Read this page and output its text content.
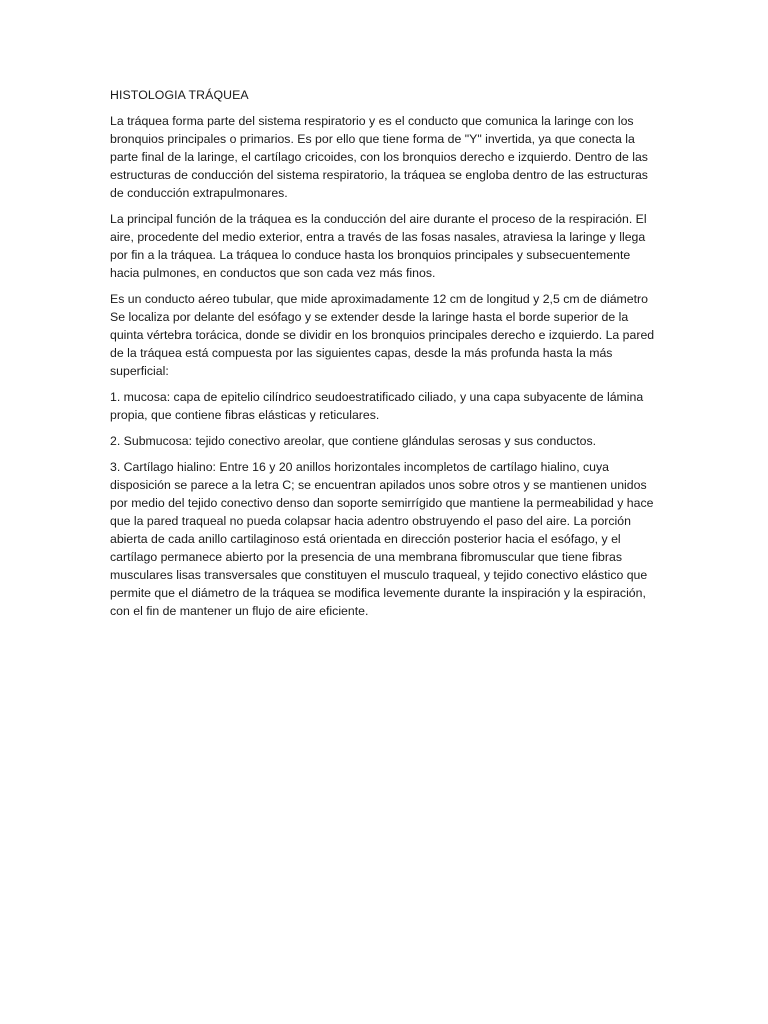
HISTOLOGIA TRÁQUEA

La tráquea forma parte del sistema respiratorio y es el conducto que comunica la laringe con los bronquios principales o primarios. Es por ello que tiene forma de "Y" invertida, ya que conecta la parte final de la laringe, el cartílago cricoides, con los bronquios derecho e izquierdo. Dentro de las estructuras de conducción del sistema respiratorio, la tráquea se engloba dentro de las estructuras de conducción extrapulmonares.

La principal función de la tráquea es la conducción del aire durante el proceso de la respiración. El aire, procedente del medio exterior, entra a través de las fosas nasales, atraviesa la laringe y llega por fin a la tráquea. La tráquea lo conduce hasta los bronquios principales y subsecuentemente hacia pulmones, en conductos que son cada vez más finos.

Es un conducto aéreo tubular, que mide aproximadamente 12 cm de longitud y 2,5 cm de diámetro Se localiza por delante del esófago y se extender desde la laringe hasta el borde superior de la quinta vértebra torácica, donde se dividir en los bronquios principales derecho e izquierdo. La pared de la tráquea está compuesta por las siguientes capas, desde la más profunda hasta la más superficial:

1. mucosa: capa de epitelio cilíndrico seudoestratificado ciliado, y una capa subyacente de lámina propia, que contiene fibras elásticas y reticulares.

2. Submucosa: tejido conectivo areolar, que contiene glándulas serosas y sus conductos.

3. Cartílago hialino: Entre 16 y 20 anillos horizontales incompletos de cartílago hialino, cuya disposición se parece a la letra C; se encuentran apilados unos sobre otros y se mantienen unidos por medio del tejido conectivo denso dan soporte semirrígido que mantiene la permeabilidad y hace que la pared traqueal no pueda colapsar hacia adentro obstruyendo el paso del aire. La porción abierta de cada anillo cartilaginoso está orientada en dirección posterior hacia el esófago, y el cartílago permanece abierto por la presencia de una membrana fibromuscular que tiene fibras musculares lisas transversales que constituyen el musculo traqueal, y tejido conectivo elástico que permite que el diámetro de la tráquea se modifica levemente durante la inspiración y la espiración, con el fin de mantener un flujo de aire eficiente.
